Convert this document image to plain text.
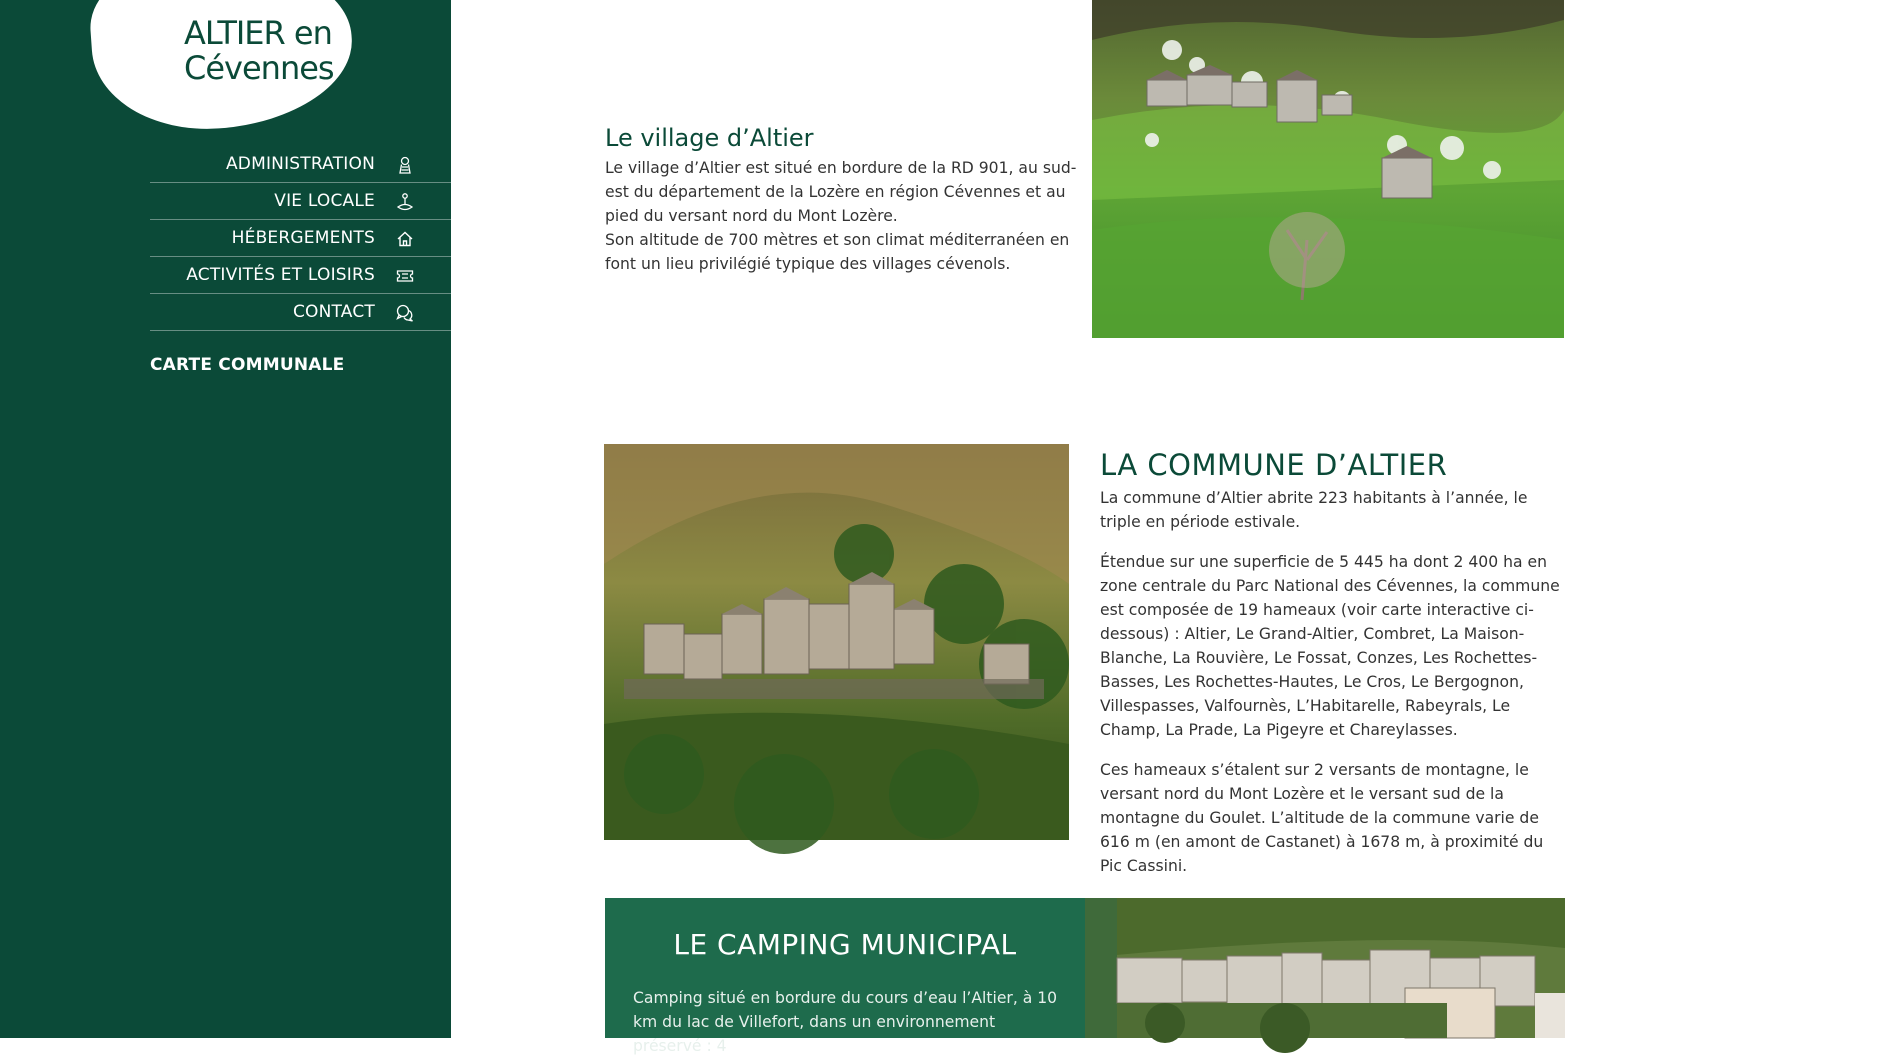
ALTIER en
Cévennes
ADMINISTRATION
VIE LOCALE
HÉBERGEMENTS
ACTIVITÉS ET LOISIRS
CONTACT
CARTE COMMUNALE
Le village d’Altier

Le village d’Altier est situé en bordure de la RD 901, au sud-est du département de la Lozère en région Cévennes et au pied du versant nord du Mont Lozère.

Son altitude de 700 mètres et son climat méditerranéen en font un lieu privilégié typique des villages cévenols.

LA COMMUNE D’ALTIER

La commune d’Altier abrite 223 habitants à l’année, le triple en période estivale.

Étendue sur une superficie de 5 445 ha dont 2 400 ha en zone centrale du Parc National des Cévennes, la commune est composée de 19 hameaux (voir carte interactive ci-dessous) : Altier, Le Grand-Altier, Combret, La Maison-Blanche, La Rouvière, Le Fossat, Conzes, Les Rochettes-Basses, Les Rochettes-Hautes, Le Cros, Le Bergognon, Villespasses, Valfournès, L’Habitarelle, Rabeyrals, Le Champ, La Prade, La Pigeyre et Chareylasses.

Ces hameaux s’étalent sur 2 versants de montagne, le versant nord du Mont Lozère et le versant sud de la montagne du Goulet. L’altitude de la commune varie de 616 m (en amont de Castanet) à 1678 m, à proximité du Pic Cassini.

LE CAMPING MUNICIPAL

Camping situé en bordure du cours d’eau l’Altier, à 10 km du lac de Villefort, dans un environnement préservé : 4
